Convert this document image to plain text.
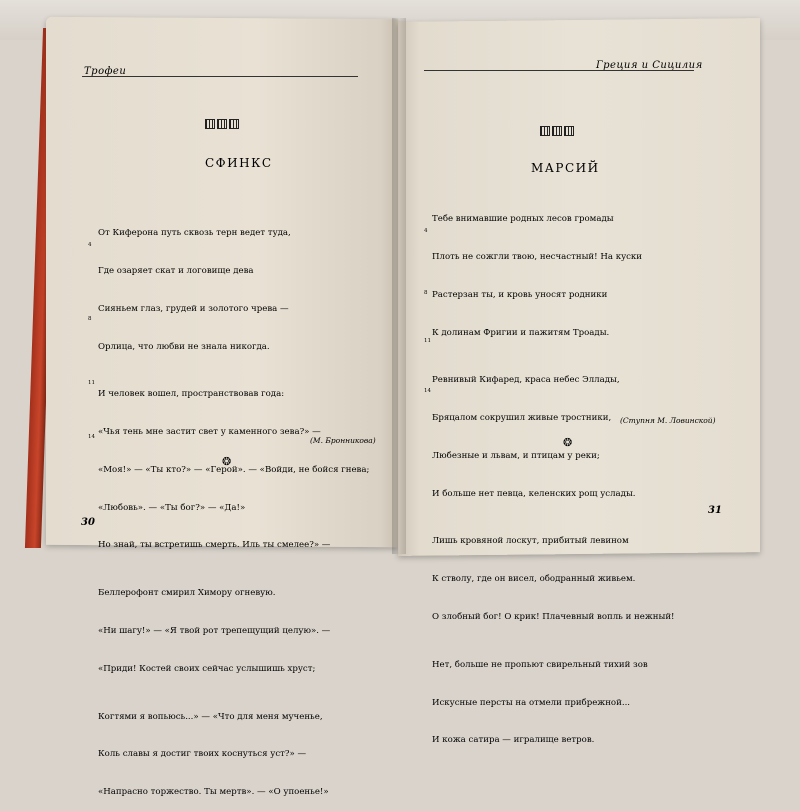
Трофеи
СФИНКС

От Киферона путь сквозь терн ведет туда,

Где озаряет скат и логовище дева

Сияньем глаз, грудей и золотого чрева —

Орлица, что любви не знала никогда.

И человек вошел, пространствовав года:

«Чья тень мне застит свет у каменного зева?» —

«Моя!» — «Ты кто?» — «Герой». — «Войди, не бойся гнева;

«Любовь». — «Ты бог?» — «Да!»

Но знай, ты встретишь смерть. Иль ты смелее?» —

Беллерофонт смирил Химору огневую.

«Ни шагу!» — «Я твой рот трепещущий целую». —

«Приди! Костей своих сейчас услышишь хруст;

Когтями я вопьюсь...» — «Что для меня мученье,

Коль славы я достиг твоих коснуться уст?» —

«Напрасно торжество. Ты мертв». — «О упоенье!»

4
8
11
14	(М. Бронникова)
❂
30
Греция и Сицилия
МАРСИЙ

Тебе внимавшие родных лесов громады

Плоть не сожгли твою, несчастный! На куски

Растерзан ты, и кровь уносят родники

К долинам Фригии и пажитям Троады.

Ревнивый Кифаред, краса небес Эллады,

Бряцалом сокрушил живые тростники,

Любезные и львам, и птицам у реки;

И больше нет певца, келенских рощ услады.

Лишь кровяной лоскут, прибитый левином

К стволу, где он висел, ободранный живьем.

О злобный бог! О крик! Плачевный вопль и нежный!

Нет, больше не пропьют свирельный тихий зов

Искусные персты на отмели прибрежной...

И кожа сатира — игралище ветров.

4
8
11
14
(Ступня М. Ловинской)
❂
31
